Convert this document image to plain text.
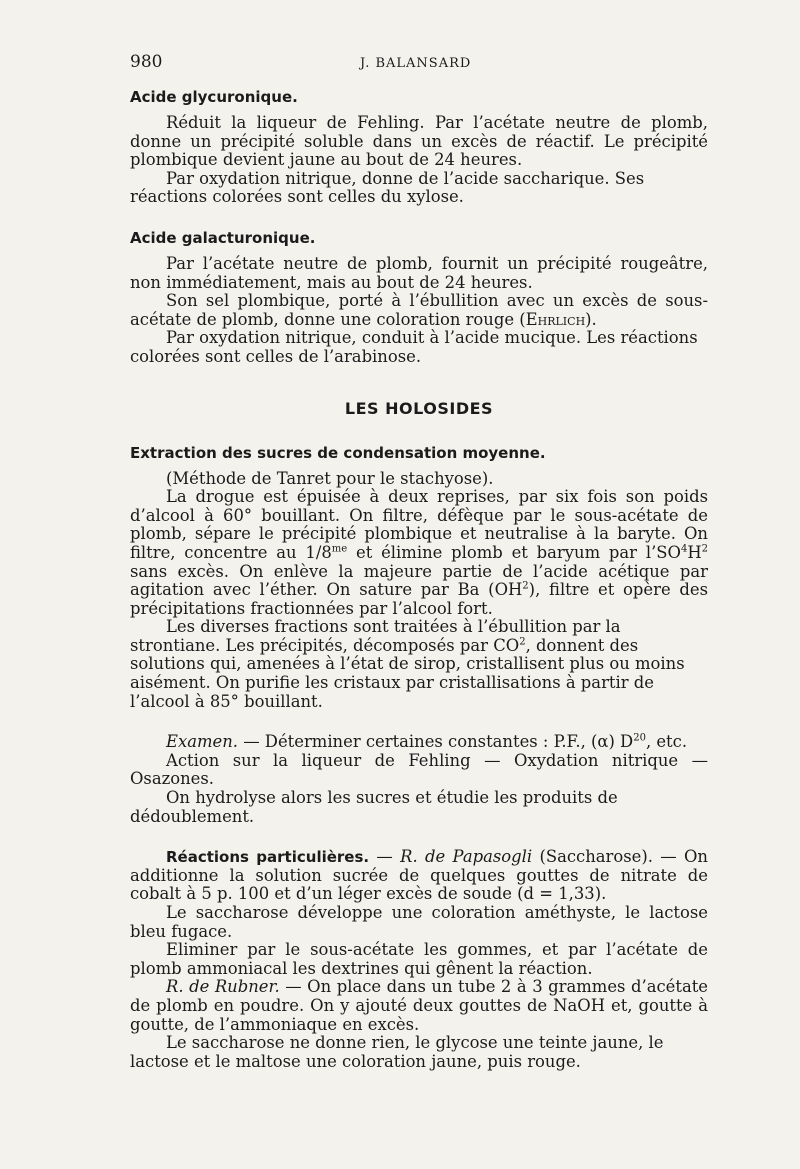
980	J. BALANSARD
Acide glycuronique.

Réduit la liqueur de Fehling. Par l’acétate neutre de plomb, donne un précipité soluble dans un excès de réactif. Le précipité plombique devient jaune au bout de 24 heures.

Par oxydation nitrique, donne de l’acide saccharique. Ses réactions colorées sont celles du xylose.

Acide galacturonique.

Par l’acétate neutre de plomb, fournit un précipité rougeâtre, non immédiatement, mais au bout de 24 heures.

Son sel plombique, porté à l’ébullition avec un excès de sous-acétate de plomb, donne une coloration rouge (Ehrlich).

Par oxydation nitrique, conduit à l’acide mucique. Les réactions colorées sont celles de l’arabinose.

LES HOLOSIDES
Extraction des sucres de condensation moyenne.

(Méthode de Tanret pour le stachyose).

La drogue est épuisée à deux reprises, par six fois son poids d’alcool à 60° bouillant. On filtre, défèque par le sous-acétate de plomb, sépare le précipité plombique et neutralise à la baryte. On filtre, concentre au $1/8^{me}$ et élimine plomb et baryum par $l’SO^4H^2$ sans excès. On enlève la majeure partie de l’acide acétique par agitation avec l’éther. On sature par Ba $(OH^2)$, filtre et opère des précipitations fractionnées par l’alcool fort.

Les diverses fractions sont traitées à l’ébullition par la strontiane. Les précipités, décomposés par $CO^2$, donnent des solutions qui, amenées à l’état de sirop, cristallisent plus ou moins aisément. On purifie les cristaux par cristallisations à partir de l’alcool à 85° bouillant.

Examen. — Déterminer certaines constantes : P.F., (α) $D^{20}$, etc.

Action sur la liqueur de Fehling — Oxydation nitrique — Osazones.

On hydrolyse alors les sucres et étudie les produits de dédoublement.

Réactions particulières. — R. de Papasogli (Saccharose). — On additionne la solution sucrée de quelques gouttes de nitrate de cobalt à 5 p. 100 et d’un léger excès de soude (d = 1,33).

Le saccharose développe une coloration améthyste, le lactose bleu fugace.

Eliminer par le sous-acétate les gommes, et par l’acétate de plomb ammoniacal les dextrines qui gênent la réaction.

R. de Rubner. — On place dans un tube 2 à 3 grammes d’acétate de plomb en poudre. On y ajouté deux gouttes de NaOH et, goutte à goutte, de l’ammoniaque en excès.

Le saccharose ne donne rien, le glycose une teinte jaune, le lactose et le maltose une coloration jaune, puis rouge.
